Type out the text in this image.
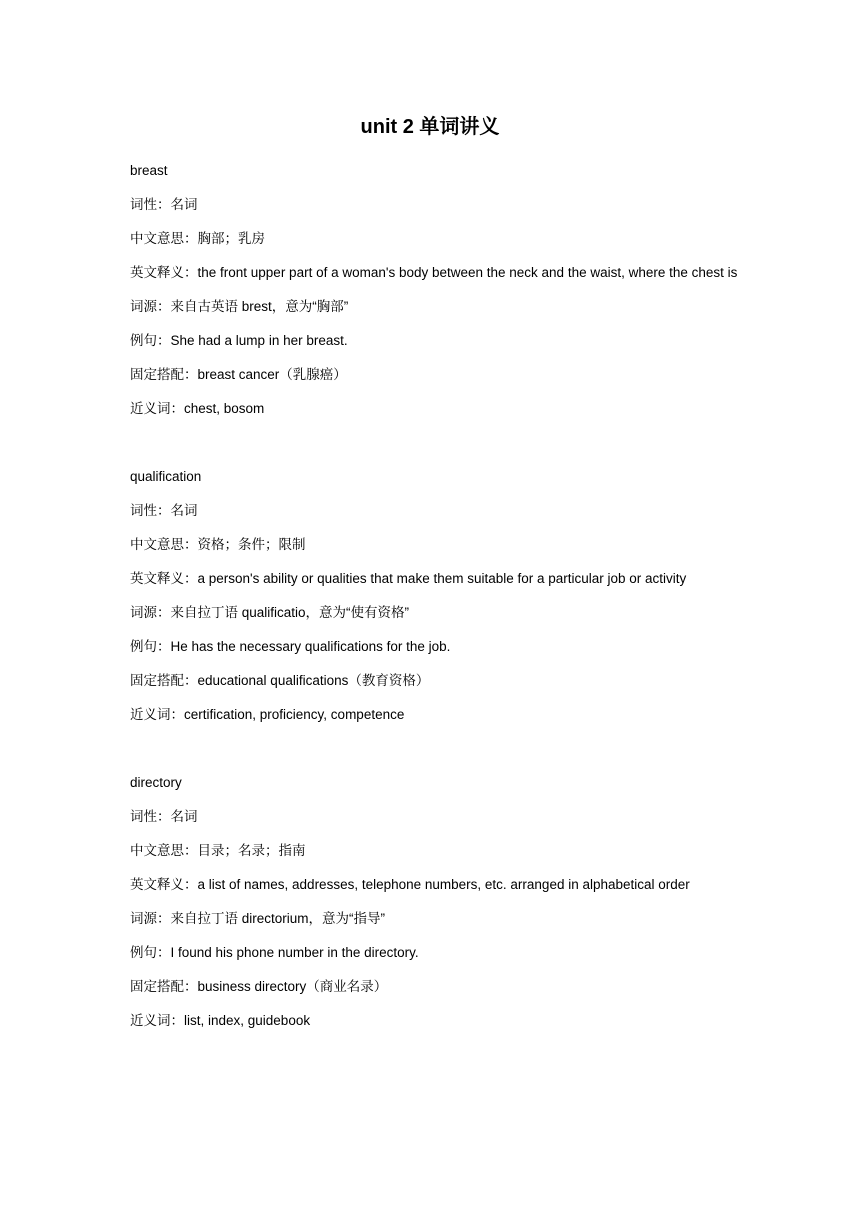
unit 2 单词讲义

breast

词性：名词

中文意思：胸部；乳房

英文释义：the front upper part of a woman's body between the neck and the waist, where the chest is

词源：来自古英语 brest，意为“胸部”

例句：She had a lump in her breast.

固定搭配：breast cancer（乳腺癌）

近义词：chest, bosom

qualification

词性：名词

中文意思：资格；条件；限制

英文释义：a person's ability or qualities that make them suitable for a particular job or activity

词源：来自拉丁语 qualificatio，意为“使有资格”

例句：He has the necessary qualifications for the job.

固定搭配：educational qualifications（教育资格）

近义词：certification, proficiency, competence

directory

词性：名词

中文意思：目录；名录；指南

英文释义：a list of names, addresses, telephone numbers, etc. arranged in alphabetical order

词源：来自拉丁语 directorium，意为“指导”

例句：I found his phone number in the directory.

固定搭配：business directory（商业名录）

近义词：list, index, guidebook
